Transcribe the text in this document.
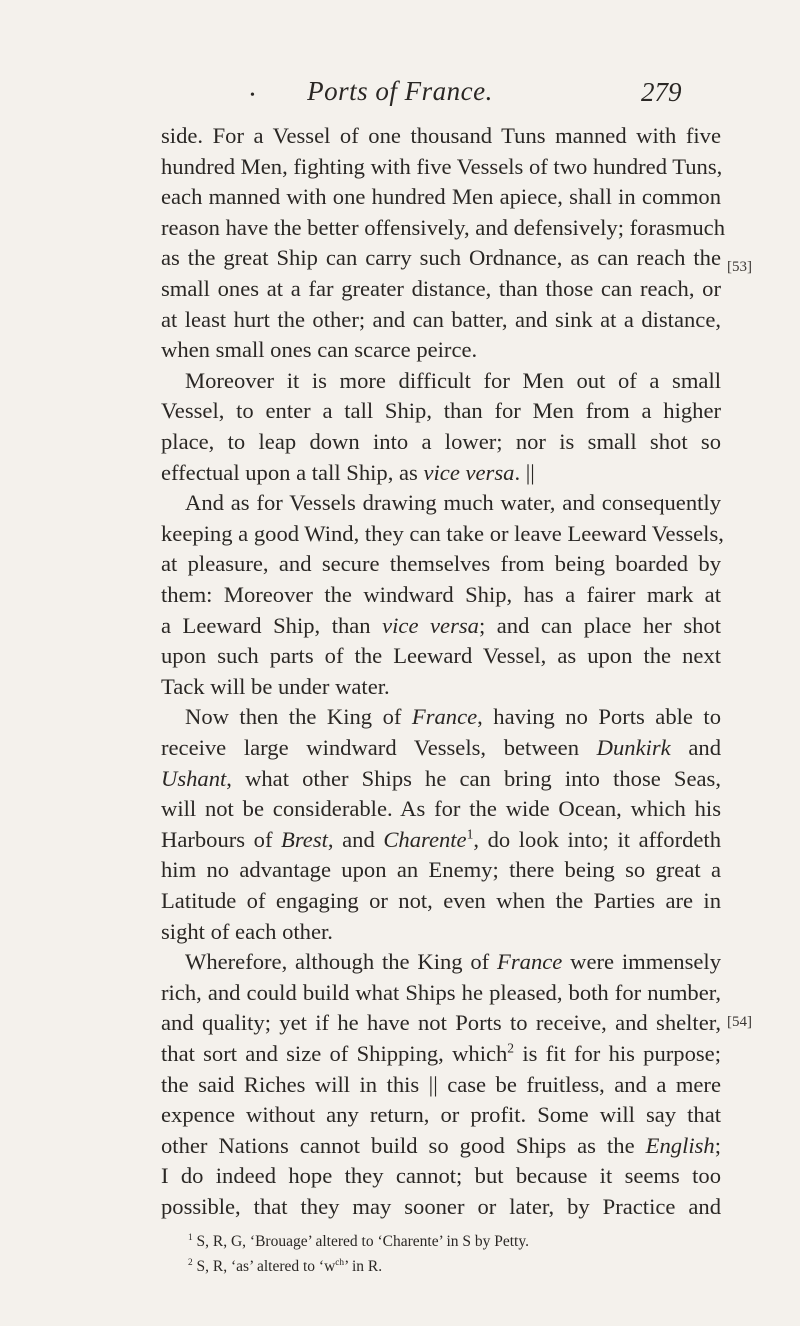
•	Ports of France.	279
side. For a Vessel of one thousand Tuns manned with five
hundred Men, fighting with five Vessels of two hundred Tuns,
each manned with one hundred Men apiece, shall in common
reason have the better offensively, and defensively; forasmuch
as the great Ship can carry such Ordnance, as can reach the
small ones at a far greater distance, than those can reach, or
at least hurt the other; and can batter, and sink at a distance,
when small ones can scarce peirce.
Moreover it is more difficult for Men out of a small
Vessel, to enter a tall Ship, than for Men from a higher
place, to leap down into a lower; nor is small shot so
effectual upon a tall Ship, as vice versa. ||
And as for Vessels drawing much water, and consequently
keeping a good Wind, they can take or leave Leeward Vessels,
at pleasure, and secure themselves from being boarded by
them: Moreover the windward Ship, has a fairer mark at
a Leeward Ship, than vice versa; and can place her shot
upon such parts of the Leeward Vessel, as upon the next
Tack will be under water.
Now then the King of France, having no Ports able to
receive large windward Vessels, between Dunkirk and
Ushant, what other Ships he can bring into those Seas,
will not be considerable. As for the wide Ocean, which his
Harbours of Brest, and Charente$^1$, do look into; it affordeth
him no advantage upon an Enemy; there being so great a
Latitude of engaging or not, even when the Parties are in
sight of each other.
Wherefore, although the King of France were immensely
rich, and could build what Ships he pleased, both for number,
and quality; yet if he have not Ports to receive, and shelter,
that sort and size of Shipping, which$^2$ is fit for his purpose;
the said Riches will in this || case be fruitless, and a mere
expence without any return, or profit. Some will say that
other Nations cannot build so good Ships as the English;
I do indeed hope they cannot; but because it seems too
possible, that they may sooner or later, by Practice and
[53]
[54]
$^1$ S, R, G, ‘Brouage’ altered to ‘Charente’ in S by Petty.
$^2$ S, R, ‘as’ altered to ‘$w^{ch}$’ in R.
